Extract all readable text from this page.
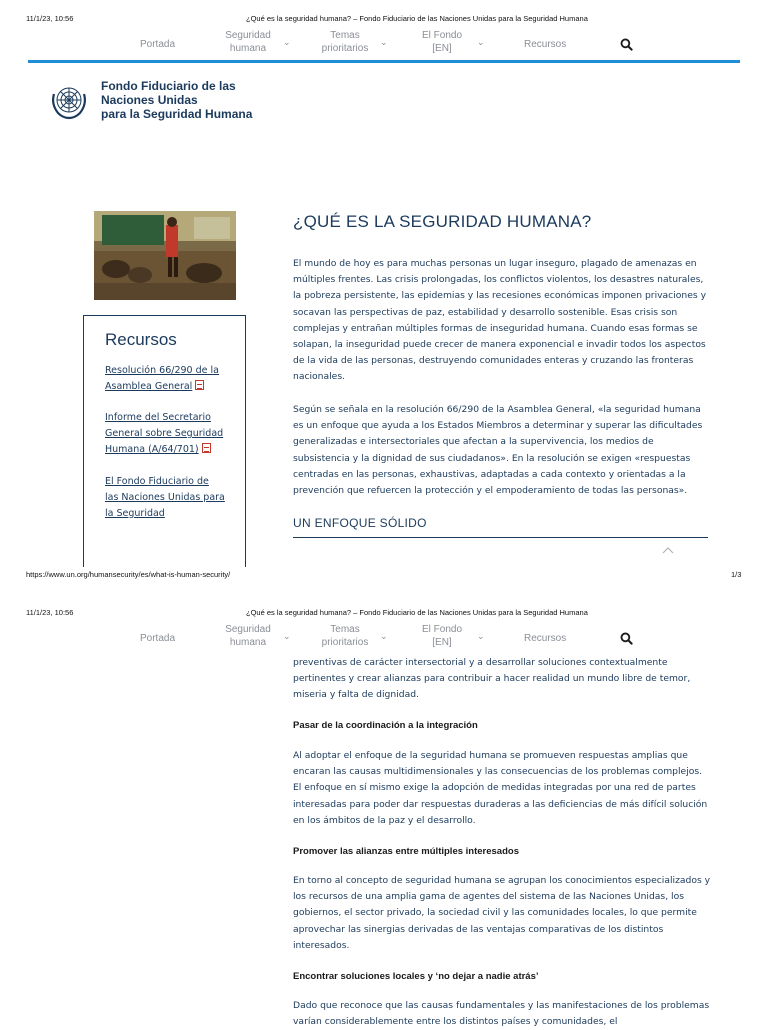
11/1/23, 10:56	¿Qué es la seguridad humana? – Fondo Fiduciario de las Naciones Unidas para la Seguridad Humana
Portada
Seguridad
humana
⌄
Temas
prioritarios
⌄
El Fondo
[EN]
⌄	Recursos
Fondo Fiduciario de las
Naciones Unidas
para la Seguridad Humana
Recursos
Resolución 66/290 de la
Asamblea General
Informe del Secretario
General sobre Seguridad
Humana (A/64/701)
El Fondo Fiduciario de
las Naciones Unidas para
la Seguridad
¿QUÉ ES LA SEGURIDAD HUMANA?

El mundo de hoy es para muchas personas un lugar inseguro, plagado de amenazas en múltiples frentes. Las crisis prolongadas, los conflictos violentos, los desastres naturales, la pobreza persistente, las epidemias y las recesiones económicas imponen privaciones y socavan las perspectivas de paz, estabilidad y desarrollo sostenible. Esas crisis son complejas y entrañan múltiples formas de inseguridad humana. Cuando esas formas se solapan, la inseguridad puede crecer de manera exponencial e invadir todos los aspectos de la vida de las personas, destruyendo comunidades enteras y cruzando las fronteras nacionales.

Según se señala en la resolución 66/290 de la Asamblea General, «la seguridad humana es un enfoque que ayuda a los Estados Miembros a determinar y superar las dificultades generalizadas e intersectoriales que afectan a la supervivencia, los medios de subsistencia y la dignidad de sus ciudadanos». En la resolución se exigen «respuestas centradas en las personas, exhaustivas, adaptadas a cada contexto y orientadas a la prevención que refuercen la protección y el empoderamiento de todas las personas».

UN ENFOQUE SÓLIDO
https://www.un.org/humansecurity/es/what-is-human-security/	1/3
11/1/23, 10:56	¿Qué es la seguridad humana? – Fondo Fiduciario de las Naciones Unidas para la Seguridad Humana
Portada
Seguridad
humana
⌄
Temas
prioritarios
⌄
El Fondo
[EN]
⌄	Recursos

preventivas de carácter intersectorial y a desarrollar soluciones contextualmente pertinentes y crear alianzas para contribuir a hacer realidad un mundo libre de temor, miseria y falta de dignidad.

Pasar de la coordinación a la integración

Al adoptar el enfoque de la seguridad humana se promueven respuestas amplias que encaran las causas multidimensionales y las consecuencias de los problemas complejos. El enfoque en sí mismo exige la adopción de medidas integradas por una red de partes interesadas para poder dar respuestas duraderas a las deficiencias de más difícil solución en los ámbitos de la paz y el desarrollo.

Promover las alianzas entre múltiples interesados

En torno al concepto de seguridad humana se agrupan los conocimientos especializados y los recursos de una amplia gama de agentes del sistema de las Naciones Unidas, los gobiernos, el sector privado, la sociedad civil y las comunidades locales, lo que permite aprovechar las sinergias derivadas de las ventajas comparativas de los distintos interesados.

Encontrar soluciones locales y ‘no dejar a nadie atrás’

Dado que reconoce que las causas fundamentales y las manifestaciones de los problemas varían considerablemente entre los distintos países y comunidades, el
